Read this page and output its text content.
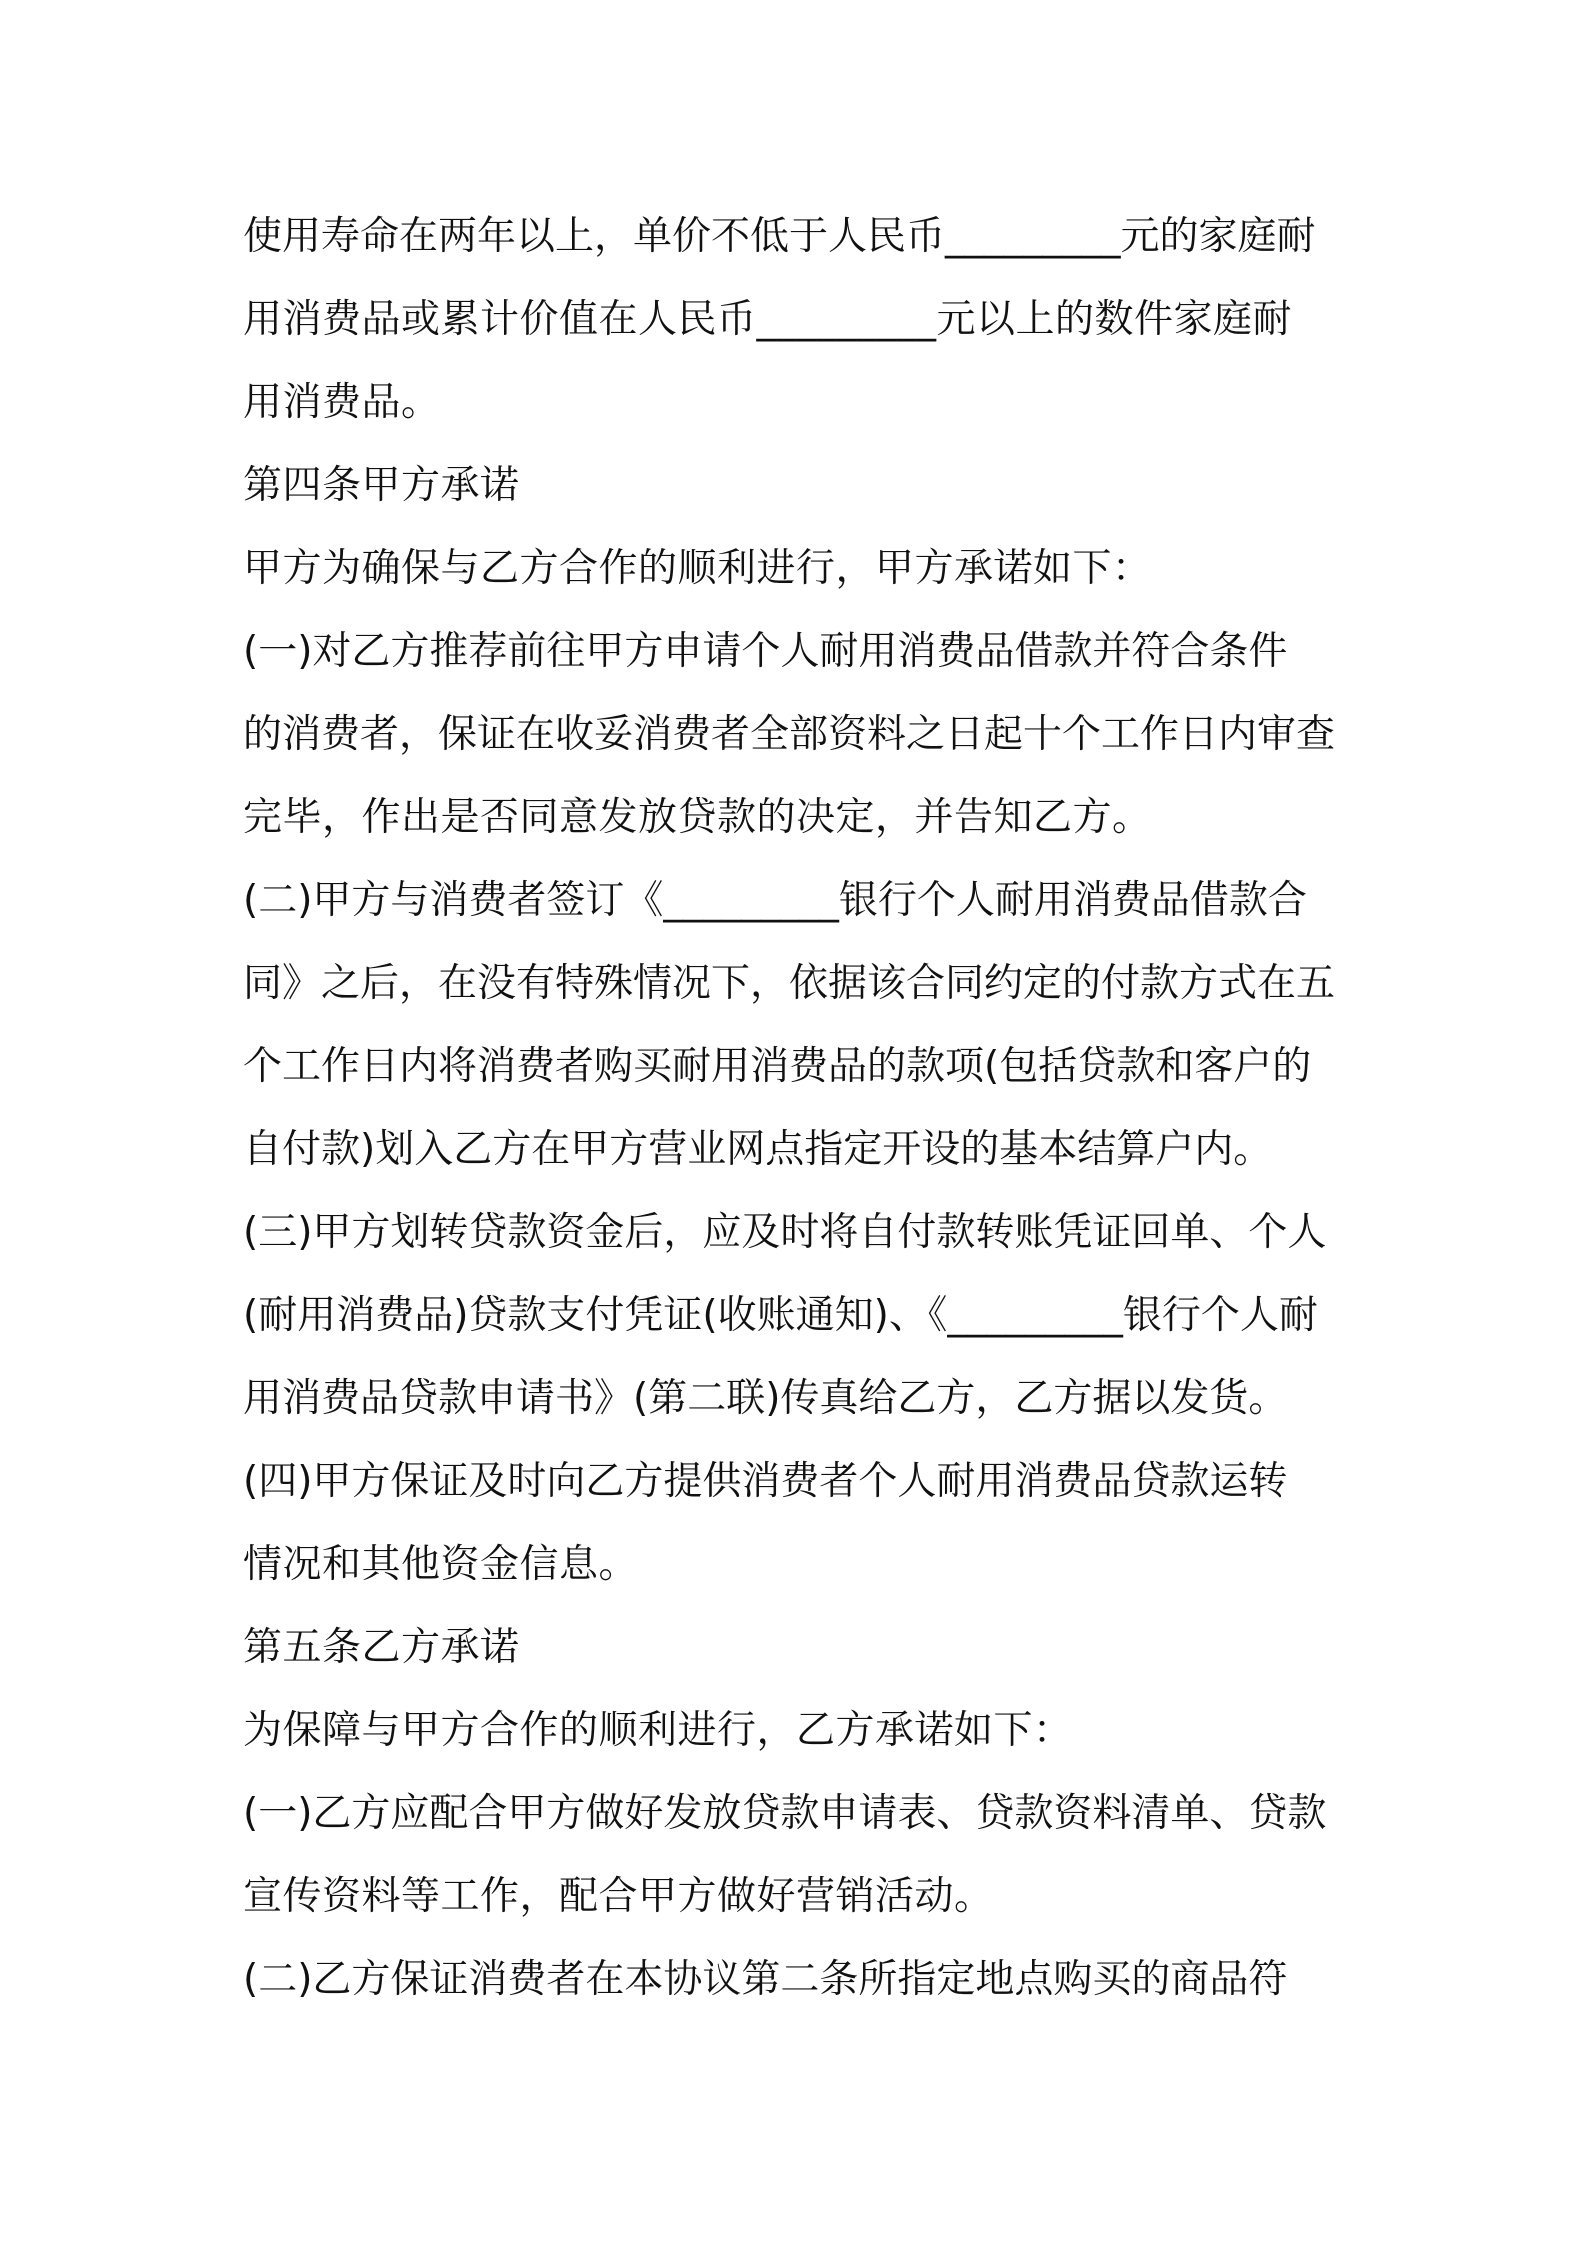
使用寿命在两年以上，单价不低于人民币_________元的家庭耐
用消费品或累计价值在人民币_________元以上的数件家庭耐
用消费品。
第四条甲方承诺
甲方为确保与乙方合作的顺利进行，甲方承诺如下：
(一)对乙方推荐前往甲方申请个人耐用消费品借款并符合条件
的消费者，保证在收妥消费者全部资料之日起十个工作日内审查
完毕，作出是否同意发放贷款的决定，并告知乙方。
(二)甲方与消费者签订《_________银行个人耐用消费品借款合
同》之后，在没有特殊情况下，依据该合同约定的付款方式在五
个工作日内将消费者购买耐用消费品的款项(包括贷款和客户的
自付款)划入乙方在甲方营业网点指定开设的基本结算户内。
(三)甲方划转贷款资金后，应及时将自付款转账凭证回单、个人
(耐用消费品)贷款支付凭证(收账通知)、《_________银行个人耐
用消费品贷款申请书》(第二联)传真给乙方，乙方据以发货。
(四)甲方保证及时向乙方提供消费者个人耐用消费品贷款运转
情况和其他资金信息。
第五条乙方承诺
为保障与甲方合作的顺利进行，乙方承诺如下：
(一)乙方应配合甲方做好发放贷款申请表、贷款资料清单、贷款
宣传资料等工作，配合甲方做好营销活动。
(二)乙方保证消费者在本协议第二条所指定地点购买的商品符
